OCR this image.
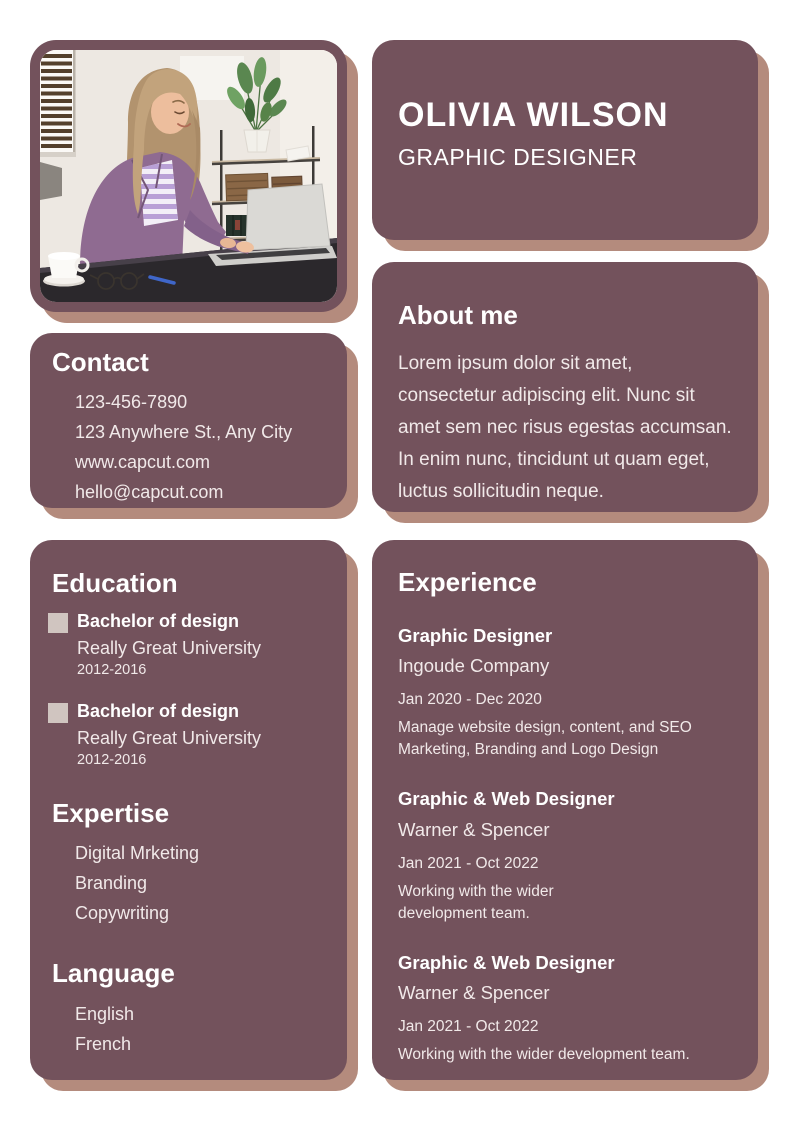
OLIVIA WILSON
GRAPHIC DESIGNER
Contact
123-456-7890
123 Anywhere St., Any City
www.capcut.com
hello@capcut.com
About me

Lorem ipsum dolor sit amet, consectetur adipiscing elit. Nunc sit amet sem nec risus egestas accumsan. In enim nunc, tincidunt ut quam eget, luctus sollicitudin neque.

Education
Bachelor of design
Really Great University
2012-2016
Bachelor of design
Really Great University
2012-2016
Expertise
Digital Mrketing
Branding
Copywriting
Language
English
French
Experience
Graphic Designer
Ingoude Company
Jan 2020 - Dec 2020
Manage website design, content, and SEO Marketing, Branding and Logo Design
Graphic & Web Designer
Warner & Spencer
Jan 2021 - Oct 2022
Working with the wider development team.
Graphic & Web Designer
Warner & Spencer
Jan 2021 - Oct 2022
Working with the wider development team.
